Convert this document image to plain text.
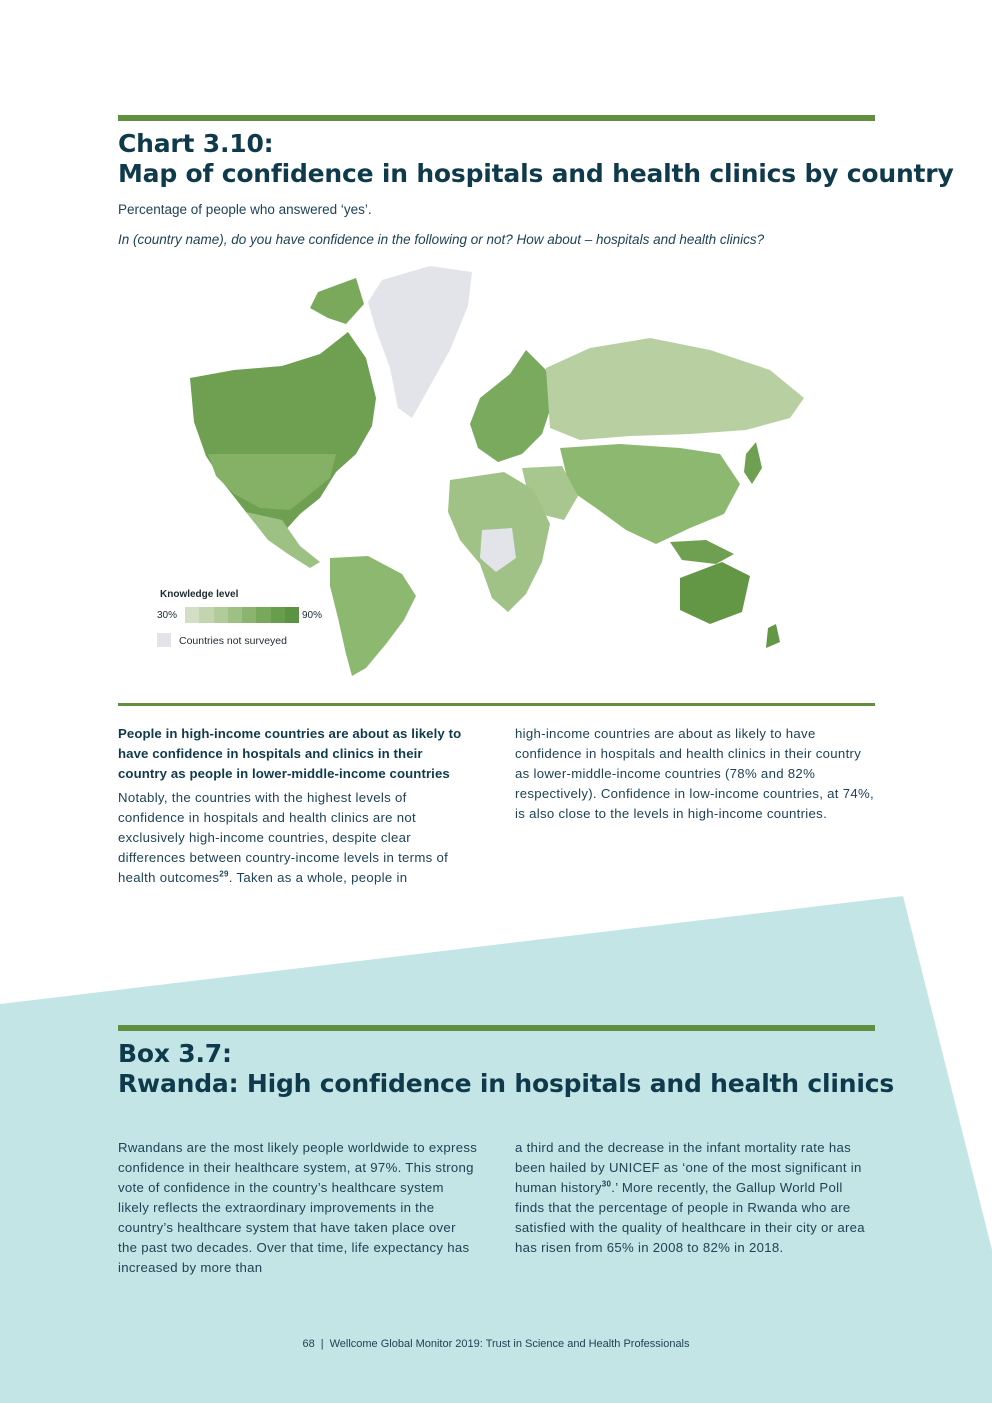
Chart 3.10:
Map of confidence in hospitals and health clinics by country

Percentage of people who answered ‘yes’.

In (country name), do you have confidence in the following or not? How about – hospitals and health clinics?

Knowledge level
30%	90%
Countries not surveyed

People in high-income countries are about as likely to have confidence in hospitals and clinics in their country as people in lower-middle-income countries

Notably, the countries with the highest levels of confidence in hospitals and health clinics are not exclusively high-income countries, despite clear differences between country-income levels in terms of health outcomes$^{29}$. Taken as a whole, people in

high-income countries are about as likely to have confidence in hospitals and health clinics in their country as lower-middle-income countries (78% and 82% respectively). Confidence in low-income countries, at 74%, is also close to the levels in high-income countries.

Box 3.7:
Rwanda: High confidence in hospitals and health clinics

Rwandans are the most likely people worldwide to express confidence in their healthcare system, at 97%. This strong vote of confidence in the country’s healthcare system likely reflects the extraordinary improvements in the country’s healthcare system that have taken place over the past two decades. Over that time, life expectancy has increased by more than

a third and the decrease in the infant mortality rate has been hailed by UNICEF as ‘one of the most significant in human history$^{30}$.’ More recently, the Gallup World Poll finds that the percentage of people in Rwanda who are satisfied with the quality of healthcare in their city or area has risen from 65% in 2008 to 82% in 2018.

68 | Wellcome Global Monitor 2019: Trust in Science and Health Professionals
